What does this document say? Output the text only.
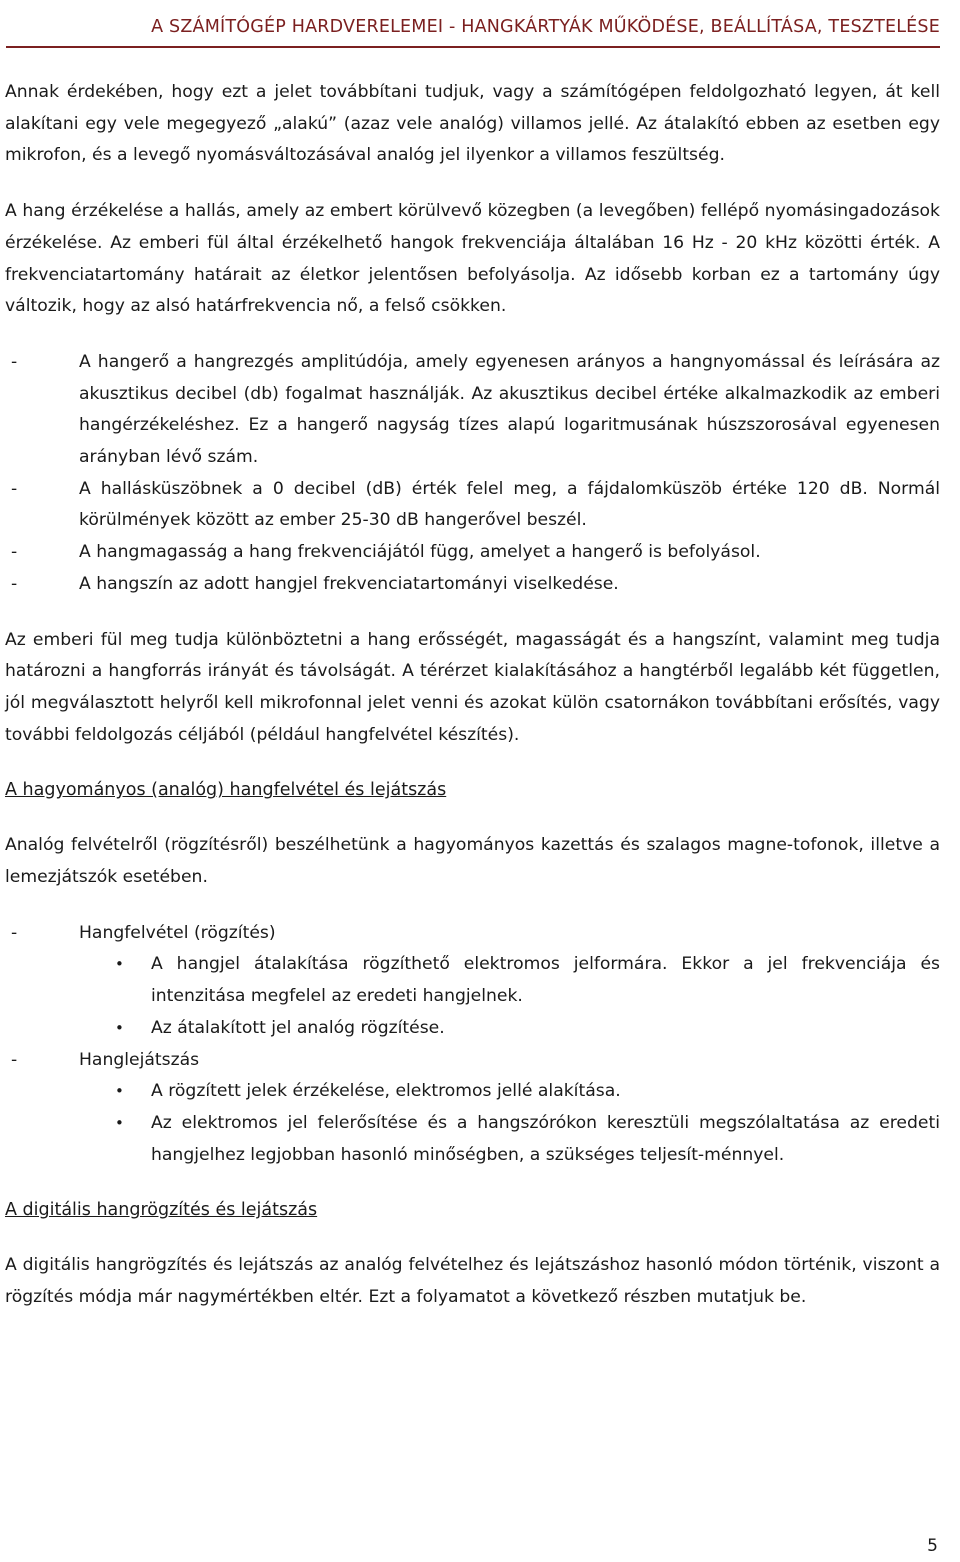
A SZÁMÍTÓGÉP HARDVERELEMEI - HANGKÁRTYÁK MŰKÖDÉSE, BEÁLLÍTÁSA, TESZTELÉSE

Annak érdekében, hogy ezt a jelet továbbítani tudjuk, vagy a számítógépen feldolgozható legyen, át kell alakítani egy vele megegyező „alakú” (azaz vele analóg) villamos jellé. Az átalakító ebben az esetben egy mikrofon, és a levegő nyomásváltozásával analóg jel ilyenkor a villamos feszültség.

A hang érzékelése a hallás, amely az embert körülvevő közegben (a levegőben) fellépő nyomásingadozások érzékelése. Az emberi fül által érzékelhető hangok frekvenciája általában 16 Hz - 20 kHz közötti érték. A frekvenciatartomány határait az életkor jelentősen befolyásolja. Az idősebb korban ez a tartomány úgy változik, hogy az alsó határfrekvencia nő, a felső csökken.

- A hangerő a hangrezgés amplitúdója, amely egyenesen arányos a hangnyomással és leírására az akusztikus decibel (db) fogalmat használják. Az akusztikus decibel értéke alkalmazkodik az emberi hangérzékeléshez. Ez a hangerő nagyság tízes alapú logaritmusának húszszorosával egyenesen arányban lévő szám.
- A hallásküszöbnek a 0 decibel (dB) érték felel meg, a fájdalomküszöb értéke 120 dB. Normál körülmények között az ember 25-30 dB hangerővel beszél.
- A hangmagasság a hang frekvenciájától függ, amelyet a hangerő is befolyásol.
- A hangszín az adott hangjel frekvenciatartományi viselkedése.

Az emberi fül meg tudja különböztetni a hang erősségét, magasságát és a hangszínt, valamint meg tudja határozni a hangforrás irányát és távolságát. A térérzet kialakításához a hangtérből legalább két független, jól megválasztott helyről kell mikrofonnal jelet venni és azokat külön csatornákon továbbítani erősítés, vagy további feldolgozás céljából (például hangfelvétel készítés).

A hagyományos (analóg) hangfelvétel és lejátszás

Analóg felvételről (rögzítésről) beszélhetünk a hagyományos kazettás és szalagos magne-tofonok, illetve a lemezjátszók esetében.

- Hangfelvétel (rögzítés)
• A hangjel átalakítása rögzíthető elektromos jelformára. Ekkor a jel frekvenciája és intenzitása megfelel az eredeti hangjelnek.
• Az átalakított jel analóg rögzítése.
- Hanglejátszás
• A rögzített jelek érzékelése, elektromos jellé alakítása.
• Az elektromos jel felerősítése és a hangszórókon keresztüli megszólaltatása az eredeti hangjelhez legjobban hasonló minőségben, a szükséges teljesít-ménnyel.
A digitális hangrögzítés és lejátszás

A digitális hangrögzítés és lejátszás az analóg felvételhez és lejátszáshoz hasonló módon történik, viszont a rögzítés módja már nagymértékben eltér. Ezt a folyamatot a következő részben mutatjuk be.

5
